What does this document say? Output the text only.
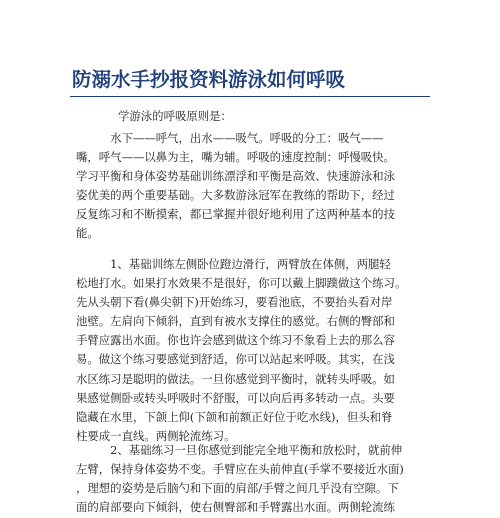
防溺水手抄报资料游泳如何呼吸
学游泳的呼吸原则是：
　　　水下——呼气，出水——吸气。呼吸的分工：吸气——
嘴，呼气——以鼻为主，嘴为辅。呼吸的速度控制：呼慢吸快。
学习平衡和身体姿势基础训练漂浮和平衡是高效、快速游泳和泳
姿优美的两个重要基础。大多数游泳冠军在教练的帮助下，经过
反复练习和不断摸索，都已掌握并很好地利用了这两种基本的技
能。
　　　1、基础训练左侧卧位蹬边滑行，两臂放在体侧，两腿轻
松地打水。如果打水效果不是很好，你可以戴上脚蹼做这个练习。
先从头朝下看(鼻尖朝下)开始练习，要看池底，不要抬头看对岸
池壁。左肩向下倾斜，直到有被水支撑住的感觉。右侧的臀部和
手臂应露出水面。你也许会感到做这个练习不象看上去的那么容
易。做这个练习要感觉到舒适，你可以站起来呼吸。其实，在浅
水区练习是聪明的做法。一旦你感觉到平衡时，就转头呼吸。如
果感觉侧卧或转头呼吸时不舒服，可以向后再多转动一点。头要
隐藏在水里，下颌上仰(下颌和前额正好位于吃水线)，但头和脊
柱要成一直线。两侧轮流练习。
　　　2、基础练习一旦你感觉到能完全地平衡和放松时，就前伸
左臂，保持身体姿势不变。手臂应在头前伸直(手掌不要接近水面)
，理想的姿势是后脑勺和下面的肩部/手臂之间几乎没有空隙。下
面的肩部要向下倾斜，使右侧臀部和手臂露出水面。两侧轮流练
